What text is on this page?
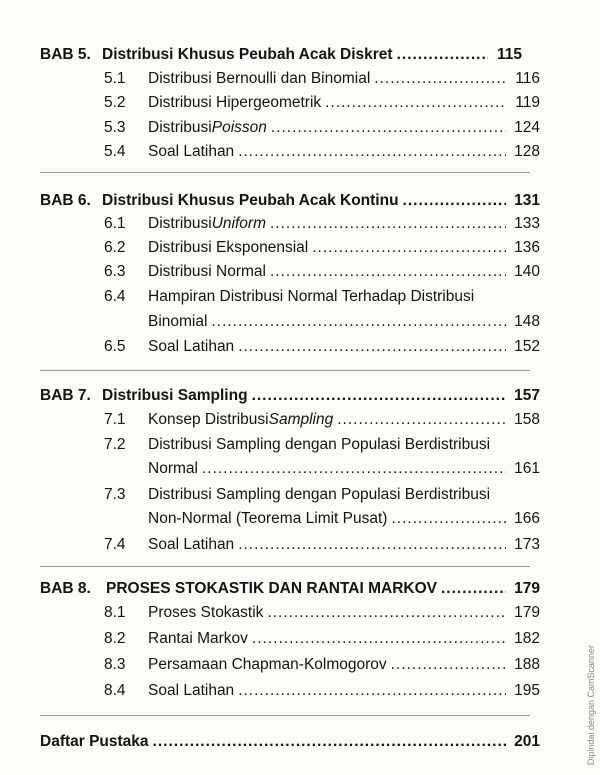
BAB 5. Distribusi Khusus Peubah Acak Diskret .....	115
5.1	Distribusi Bernoulli dan Binomial .....	116
5.2	Distribusi Hipergeometrik .....	119
5.3	Distribusi Poisson .....	124
5.4	Soal Latihan .....	128
BAB 6. Distribusi Khusus Peubah Acak Kontinu .....	131
6.1	Distribusi Uniform .....	133
6.2	Distribusi Eksponensial .....	136
6.3	Distribusi Normal .....	140
6.4 Hampiran Distribusi Normal Terhadap Distribusi
Binomial .....	148
6.5	Soal Latihan .....	152
BAB 7. Distribusi Sampling .....	157
7.1	Konsep Distribusi Sampling .....	158
7.2 Distribusi Sampling dengan Populasi Berdistribusi
Normal .....	161
7.3 Distribusi Sampling dengan Populasi Berdistribusi
Non-Normal (Teorema Limit Pusat) .....	166
7.4	Soal Latihan .....	173
BAB 8. PROSES STOKASTIK DAN RANTAI MARKOV .....	179
8.1	Proses Stokastik .....	179
8.2	Rantai Markov .....	182
8.3	Persamaan Chapman-Kolmogorov .....	188
8.4	Soal Latihan .....	195
Daftar Pustaka .....	201	Dipindai dengan CamScanner
